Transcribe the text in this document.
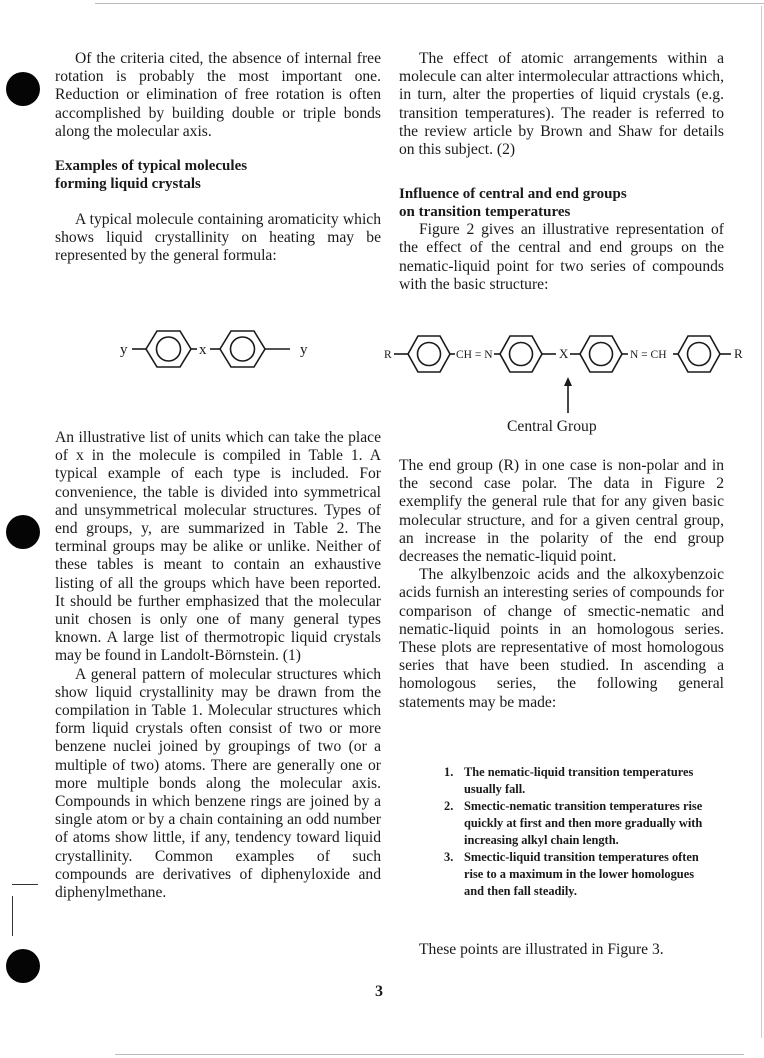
Of the criteria cited, the absence of internal free rotation is probably the most important one. Reduction or elimination of free rotation is often accomplished by building double or triple bonds along the molecular axis.

Examples of typical molecules

forming liquid crystals

A typical molecule containing aromaticity which shows liquid crystallinity on heating may be represented by the general formula:

y	x	y

An illustrative list of units which can take the place of x in the molecule is compiled in Table 1. A typical example of each type is included. For convenience, the table is divided into symmetrical and unsymmetrical molecular structures. Types of end groups, y, are summarized in Table 2. The terminal groups may be alike or unlike. Neither of these tables is meant to contain an exhaustive listing of all the groups which have been reported. It should be further emphasized that the molecular unit chosen is only one of many general types known. A large list of thermotropic liquid crystals may be found in Landolt-Börnstein. (1)

A general pattern of molecular structures which show liquid crystallinity may be drawn from the compilation in Table 1. Molecular structures which form liquid crystals often consist of two or more benzene nuclei joined by groupings of two (or a multiple of two) atoms. There are generally one or more multiple bonds along the molecular axis. Compounds in which benzene rings are joined by a single atom or by a chain containing an odd number of atoms show little, if any, tendency toward liquid crystallinity. Common examples of such compounds are derivatives of diphenyloxide and diphenylmethane.

The effect of atomic arrangements within a molecule can alter intermolecular attractions which, in turn, alter the properties of liquid crystals (e.g. transition temperatures). The reader is referred to the review article by Brown and Shaw for details on this subject. (2)

Influence of central and end groups

on transition temperatures

Figure 2 gives an illustrative representation of the effect of the central and end groups on the nematic-liquid point for two series of compounds with the basic structure:

R	CH = N	X	N = CH	R
Central Group

The end group (R) in one case is non-polar and in the second case polar. The data in Figure 2 exemplify the general rule that for any given basic molecular structure, and for a given central group, an increase in the polarity of the end group decreases the nematic-liquid point.

The alkylbenzoic acids and the alkoxybenzoic acids furnish an interesting series of compounds for comparison of change of smectic-nematic and nematic-liquid points in an homologous series. These plots are representative of most homologous series that have been studied. In ascending a homologous series, the following general statements may be made:

1. The nematic-liquid transition temperatures usually fall.
2. Smectic-nematic transition temperatures rise quickly at first and then more gradually with increasing alkyl chain length.
3. Smectic-liquid transition temperatures often rise to a maximum in the lower homologues and then fall steadily.

These points are illustrated in Figure 3.

3
